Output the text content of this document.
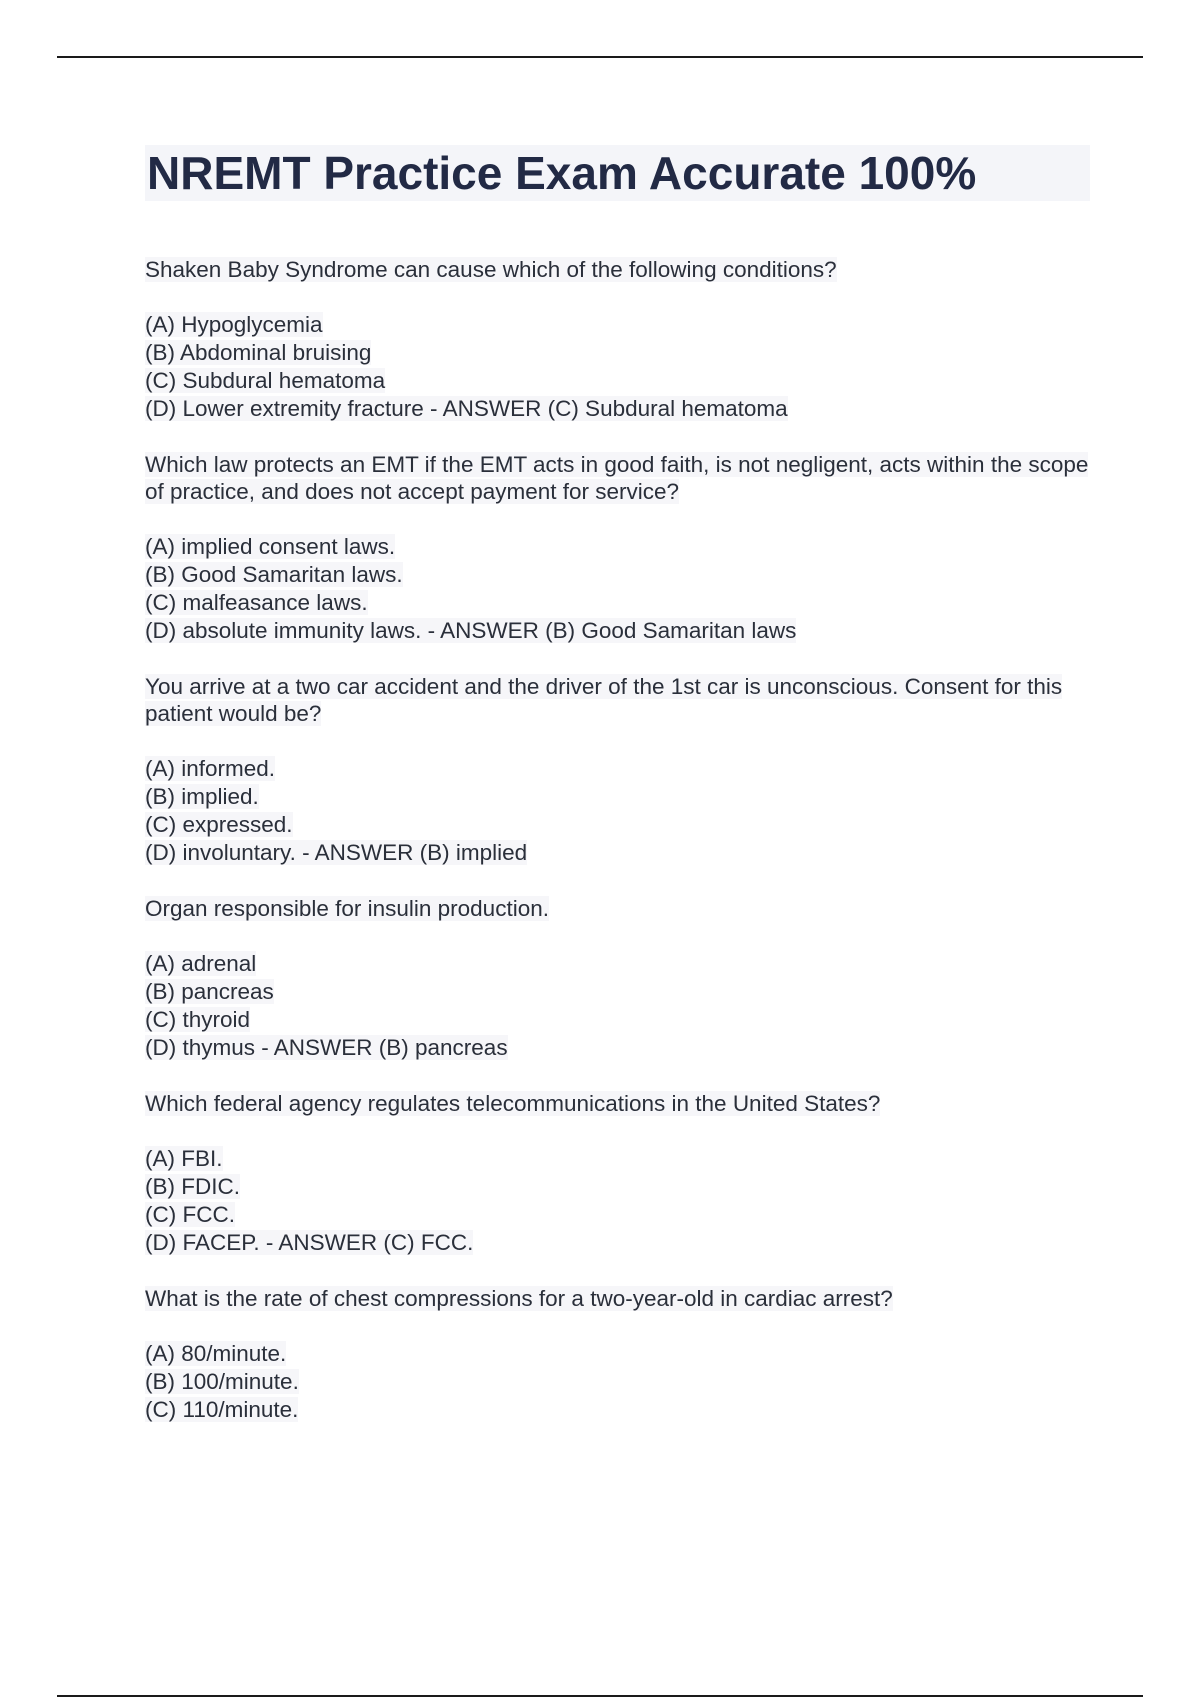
NREMT Practice Exam Accurate 100%
Shaken Baby Syndrome can cause which of the following conditions?
(A) Hypoglycemia
(B) Abdominal bruising
(C) Subdural hematoma
(D) Lower extremity fracture - ANSWER (C) Subdural hematoma
Which law protects an EMT if the EMT acts in good faith, is not negligent, acts within the scope of practice, and does not accept payment for service?
(A) implied consent laws.
(B) Good Samaritan laws.
(C) malfeasance laws.
(D) absolute immunity laws. - ANSWER (B) Good Samaritan laws
You arrive at a two car accident and the driver of the 1st car is unconscious. Consent for this patient would be?
(A) informed.
(B) implied.
(C) expressed.
(D) involuntary. - ANSWER (B) implied
Organ responsible for insulin production.
(A) adrenal
(B) pancreas
(C) thyroid
(D) thymus - ANSWER (B) pancreas
Which federal agency regulates telecommunications in the United States?
(A) FBI.
(B) FDIC.
(C) FCC.
(D) FACEP. - ANSWER (C) FCC.
What is the rate of chest compressions for a two-year-old in cardiac arrest?
(A) 80/minute.
(B) 100/minute.
(C) 110/minute.
